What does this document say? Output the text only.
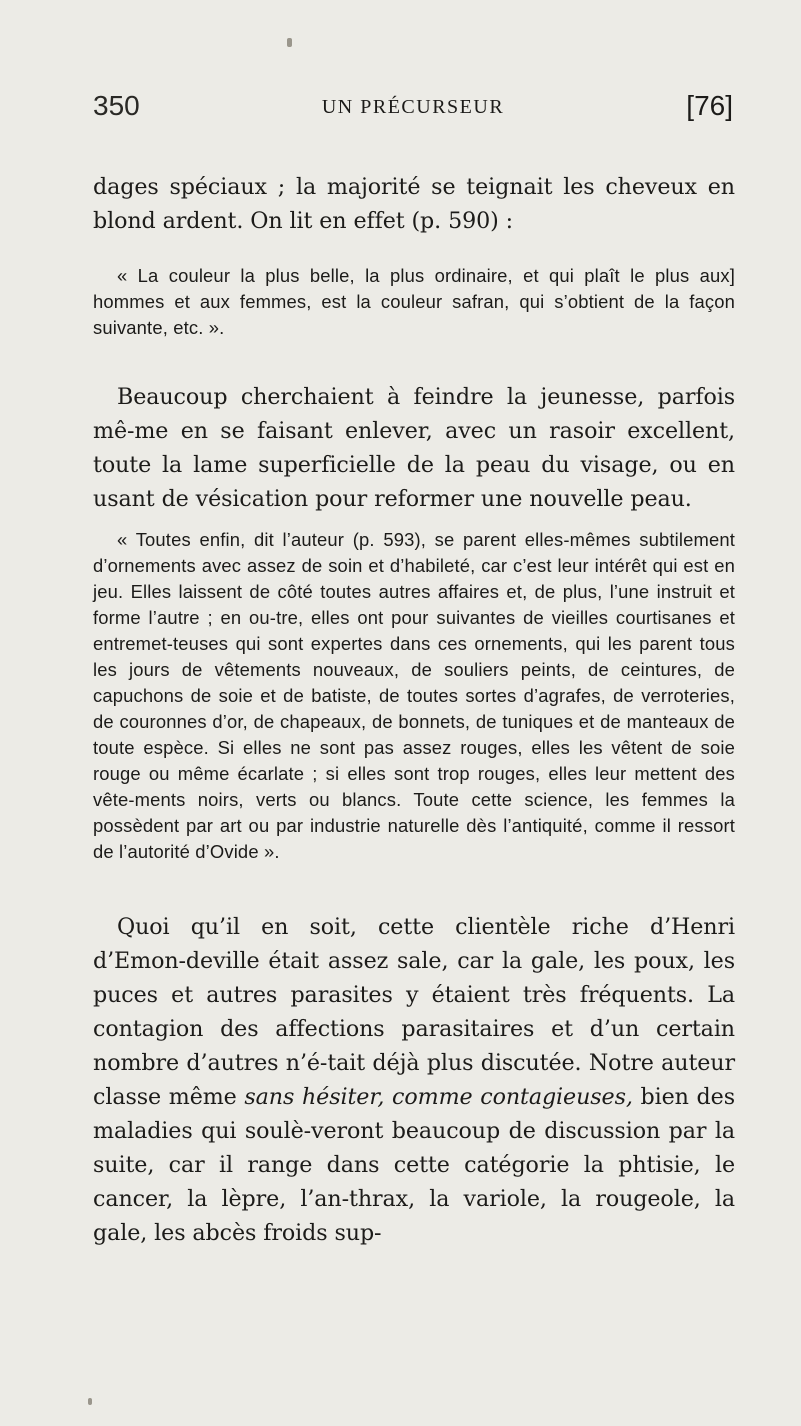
350	UN PRÉCURSEUR	[76]

dages spéciaux ; la majorité se teignait les cheveux en blond ardent. On lit en effet (p. 590) :

« La couleur la plus belle, la plus ordinaire, et qui plaît le plus aux] hommes et aux femmes, est la couleur safran, qui s’obtient de la façon suivante, etc. ».

Beaucoup cherchaient à feindre la jeunesse, parfois mê-me en se faisant enlever, avec un rasoir excellent, toute la lame superficielle de la peau du visage, ou en usant de vésication pour reformer une nouvelle peau.

« Toutes enfin, dit l’auteur (p. 593), se parent elles-mêmes subtilement d’ornements avec assez de soin et d’habileté, car c’est leur intérêt qui est en jeu. Elles laissent de côté toutes autres affaires et, de plus, l’une instruit et forme l’autre ; en ou-tre, elles ont pour suivantes de vieilles courtisanes et entremet-teuses qui sont expertes dans ces ornements, qui les parent tous les jours de vêtements nouveaux, de souliers peints, de ceintures, de capuchons de soie et de batiste, de toutes sortes d’agrafes, de verroteries, de couronnes d’or, de chapeaux, de bonnets, de tuniques et de manteaux de toute espèce. Si elles ne sont pas assez rouges, elles les vêtent de soie rouge ou même écarlate ; si elles sont trop rouges, elles leur mettent des vête-ments noirs, verts ou blancs. Toute cette science, les femmes la possèdent par art ou par industrie naturelle dès l’antiquité, comme il ressort de l’autorité d’Ovide ».

Quoi qu’il en soit, cette clientèle riche d’Henri d’Emon-deville était assez sale, car la gale, les poux, les puces et autres parasites y étaient très fréquents. La contagion des affections parasitaires et d’un certain nombre d’autres n’é-tait déjà plus discutée. Notre auteur classe même sans hésiter, comme contagieuses, bien des maladies qui soulè-veront beaucoup de discussion par la suite, car il range dans cette catégorie la phtisie, le cancer, la lèpre, l’an-thrax, la variole, la rougeole, la gale, les abcès froids sup-
